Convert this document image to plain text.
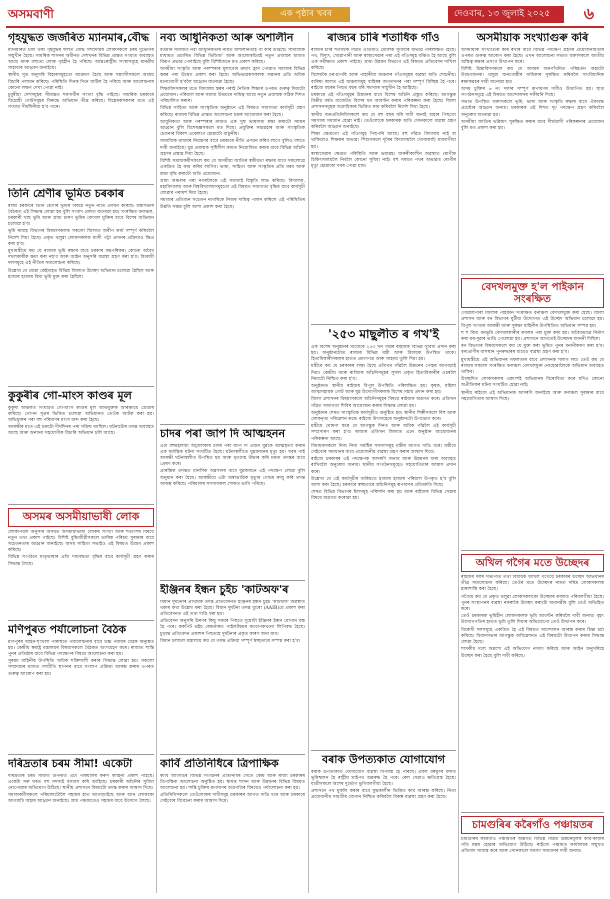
অসমবাণী	এক পৃষ্ঠাৰ খবৰ	দেওবাৰ, ১৩ জুলাই ২০২৫	৬
গৃহযুদ্ধত জৰ্জৰিত ম্যানমাৰ,বৌদ্ধ

ম্যানমাৰত চলি থকা গৃহযুদ্ধৰ ফলত বৌদ্ধ সম্প্ৰদায়ৰ লোকসকলে চৰম দুৰ্ভোগৰ সন্মুখীন হৈছে। সামৰিক শাসনৰ অধীনত দেশখনৰ বিভিন্ন প্ৰান্তত সংঘাত অব্যাহত আছে আৰু বহুতো লোক গৃহহীন হৈ পৰিছে। আন্তঃৰাষ্ট্ৰীয় সংস্থাসমূহে মানৱীয় সাহায্যৰ আহ্বান জনাইছে।

স্থানীয় সূত্ৰ অনুসৰি বিহাৰসমূহতো আক্ৰমণ হৈছে আৰু সন্ন্যাসীসকলে আশ্ৰয় বিচাৰি পলায়ন কৰিছে। পৰিস্থিতি দিনক দিনে জটিল হৈ পৰিছে আৰু আলোচনাৰ কোনো লক্ষণ দেখা পোৱা নাই।

চুবুৰীয়া দেশসমূহৰ সীমান্তত শৰণাৰ্থীৰ সংখ্যা বৃদ্ধি পাইছে। সামৰিক চৰকাৰে বিদ্ৰোহী গোটসমূহৰ বিৰুদ্ধে অভিযান তীব্ৰ কৰিছে। বিশ্লেষকসকলৰ মতে এই সংঘাত দীৰ্ঘদিনীয়া হ'ব পাৰে।

তিনি শ্ৰেণীৰ ভূমিত চৰকাৰ

ৰাজ্য চৰকাৰে তিনি শ্ৰেণীৰ ভূমিৰ বিষয়ে নতুন নীতি প্ৰণয়ন কৰিছে। মন্ত্ৰীসভাৰ বৈঠকত এই সিদ্ধান্ত লোৱা হয় বুলি সংবাদ মেলত জনোৱা হয়। সংৰক্ষিত বনাঞ্চল, চৰকাৰী খাছ ভূমি আৰু গ্ৰাম্য চাৰণ ভূমিৰ বেদখল মুক্তিৰ বাবে বিশেষ অভিযান চলোৱা হ'ব।

ভূমি ৰাজহ বিভাগৰ বিষয়াসকলক সকলো জিলাত জৰীপ কাৰ্য সম্পূৰ্ণ কৰিবলৈ নিৰ্দেশ দিয়া হৈছে। প্ৰকৃত থলুৱা লোকসকলক ম্যাদী পট্টা প্ৰদানৰ প্ৰক্ৰিয়াও ক্ষিপ্ৰ কৰা হ'ব।

মুখ্যমন্ত্ৰীয়ে কয় যে ৰাজ্যৰ ভূমি ৰক্ষাৰ বাবে চৰকাৰ বদ্ধপৰিকৰ। কোনো অবৈধ দখলকাৰীক ক্ষমা কৰা নহ'ব আৰু আইন অনুসৰি ব্যৱস্থা গ্ৰহণ কৰা হ'ব। বিৰোধী দলসমূহে এই নীতিৰ সমালোচনা কৰিছে।

উল্লেখ্য যে যোৱা কেইমাহত বিভিন্ন জিলাত উচ্ছেদ অভিযান চলোৱা হৈছিল আৰু হাজাৰ হাজাৰ বিঘা ভূমি মুক্ত কৰা হৈছিল।

কুকুৰীৰ গো-মাংস কাণ্ডৰ মূল

কুকুৰী অঞ্চলত সংঘটিত গো-মাংস কাণ্ডৰ মূল অভিযুক্তক আৰক্ষীয়ে গ্ৰেপ্তাৰ কৰিছে। গোপন সূত্ৰৰ ভিত্তিত চলোৱা অভিযানত তেওঁক আটক কৰা হয়। অভিযুক্তৰ পৰা বহু পৰিমাণৰ মাংস জব্দ কৰা হৈছে।

আৰক্ষীৰ মতে এই চক্ৰটো দীৰ্ঘদিনৰ পৰা সক্ৰিয় আছিল। ঘটনাটোৰ তদন্ত অব্যাহত আছে আৰু অন্যান্য সহযোগীক বিচাৰি অভিযান চলি আছে।

অসমৰ অসমীয়াভাষী লোক

লোকপিয়ল অনুসৰি অসমত অসমীয়াভাষী লোকৰ সংখ্যা আৰু শতাংশৰ বিষয়ে নতুন তথ্য প্ৰকাশ পাইছে। বিশিষ্ট বুদ্ধিজীৱীসকলে ভাষিক পৰিচয় সুৰক্ষাৰ বাবে সচেতনতাৰ আহ্বান জনাইছে। অসম সাহিত্য সভাইও এই বিষয়ত উদ্বেগ প্ৰকাশ কৰিছে।

বিভিন্ন সংগঠনে মাতৃভাষাৰ প্ৰতি দায়বদ্ধতা বৃদ্ধিৰ বাবে কাৰ্যসূচী গ্ৰহণ কৰাৰ সিদ্ধান্ত লৈছে।

মণিপুৰত পৰ্যালোচনা বৈঠক

মণিপুৰৰ আইন-শৃংখলা পৰিস্থিতি পৰ্যালোচনাৰ বাবে উচ্চ পৰ্যায়ৰ বৈঠক অনুষ্ঠিত হয়। কেন্দ্ৰীয় স্বৰাষ্ট্ৰ মন্ত্ৰালয়ৰ বিষয়াসকলে বৈঠকত অংশগ্ৰহণ কৰে। ৰাজ্যত শান্তি পুনৰ প্ৰতিষ্ঠাৰ বাবে বিভিন্ন পদক্ষেপৰ বিষয়ে আলোচনা কৰা হয়।

সুৰক্ষা বাহিনীৰ উপস্থিতি অধিক শক্তিশালী কৰাৰ সিদ্ধান্ত লোৱা হয়। সকলো সম্প্ৰদায়ৰ মাজত সম্প্ৰীতি স্থাপনৰ বাবে সংলাপ প্ৰক্ৰিয়া আৰম্ভ কৰাৰ ওপৰত গুৰুত্ব আৰোপ কৰা হয়।

দৰিদ্ৰতাৰ চৰম সীমা! একেটা

দৰিদ্ৰতাৰ চৰম সীমাত উপনীত এটা পৰিয়ালৰ কৰুণ কাহিনী প্ৰকাশ পাইছে। একেটা সৰু ঘৰত বহু সদস্যই বসবাস কৰি আহিছে। চৰকাৰী আঁচনিৰ সুবিধা নোপোৱাৰ অভিযোগ উঠিছে। স্থানীয় প্ৰশাসনে বিষয়টো তদন্ত কৰাৰ আশ্বাস দিছে।

সমাজকৰ্মীসকলে পৰিয়ালটোলৈ সহায়ৰ হাত আগবঢ়াইছে আৰু আন লোককো আগবাঢ়ি অহাৰ আহ্বান জনাইছে। গ্ৰাম পঞ্চায়তেও সহায়ৰ বাবে উদ্যোগ লৈছে।

নব্য আধুনিকতা আৰু অশালীন

বৰ্তমান সমাজত নব্য আধুনিকতাৰ নামত অশালীনতাই গা কৰি উঠিছে। সামাজিক মাধ্যমত প্ৰচাৰিত বিভিন্ন ভিডিঅ' আৰু আলোকচিত্ৰই নতুন প্ৰজন্মৰ মাজত বিৰূপ প্ৰভাৱ পেলাইছে বুলি বিশিষ্টজনে মত প্ৰকাশ কৰিছে।

অসমীয়া সংস্কৃতি আৰু পৰম্পৰাৰ মূল্যবোধ ক্ৰমাৎ হ্ৰাস পোৱাত সমাজৰ বিভিন্ন স্তৰৰ পৰা উদ্বেগ প্ৰকাশ কৰা হৈছে। অভিভাৱকসকলক সন্তানৰ প্ৰতি অধিক মনোযোগী হ'বলৈ আহ্বান জনোৱা হৈছে।

শিক্ষাবিদসকলৰ মতে বিদ্যালয় স্তৰৰ পৰাই নৈতিক শিক্ষাৰ ওপৰত গুৰুত্ব দিয়াটো প্ৰয়োজন। পৰিয়াল আৰু সমাজ উভয়ৰে দায়িত্ব আছে নতুন প্ৰজন্মক সঠিক দিশত পৰিচালিত কৰাৰ।

বিভিন্ন সাহিত্য আৰু সাংস্কৃতিক অনুষ্ঠানে এই বিষয়ত সজাগতা কাৰ্যসূচী গ্ৰহণ কৰিছে। ৰাজ্যৰ বিভিন্ন প্ৰান্তত আলোচনা চক্ৰৰ আয়োজন কৰা হৈছে।

আধুনিকতা আৰু পৰম্পৰাৰ মাজত এক সুস্থ ভাৰসাম্য ৰক্ষা কৰাটো সময়ৰ আহ্বান বুলি বিশেষজ্ঞসকলে মত দিছে। প্ৰযুক্তিৰ সদ্ব্যৱহাৰ আৰু সাংস্কৃতিক চেতনাৰ বিকাশ একেলগে হোৱাটো বাঞ্ছনীয়।

সামাজিক মাধ্যমৰ নিয়ন্ত্ৰণৰ বাবে চৰকাৰে নীতি প্ৰণয়ন কৰিব লাগে বুলিও বহুতে দাবী জনাইছে। যুৱ প্ৰজন্মক সৃষ্টিশীল কামত নিয়োজিত কৰাৰ বাবে বিভিন্ন আঁচনি গ্ৰহণৰ প্ৰস্তাৱ দিয়া হৈছে।

বিশিষ্ট সমাজকৰ্মীসকলে কয় যে অসমীয়া জাতিৰ স্বকীয়তা ৰক্ষাৰ বাবে সকলোৱে একত্ৰিত হৈ কাম কৰিব লাগিব। ভাষা, সাহিত্য আৰু সংস্কৃতিৰ প্ৰতি মৰম আৰু শ্ৰদ্ধা বৃদ্ধি কৰাটো অতি প্ৰয়োজন।

গ্ৰাম্য অঞ্চলৰ পৰা নগৰলৈকে এই সমস্যাই বিস্তৃতি লাভ কৰিছে। বিদ্যালয়, মহাবিদ্যালয় আৰু বিশ্ববিদ্যালয়সমূহতো এই বিষয়ত সজাগতা বৃদ্ধিৰ বাবে কাৰ্যসূচী লোৱাৰ পৰামৰ্শ দিয়া হৈছে।

সমাজৰ প্ৰতিজন সচেতন নাগৰিকে নিজৰ দায়িত্ব পালন কৰিলে এই পৰিস্থিতিৰ উন্নতি সম্ভৱ বুলি আশা প্ৰকাশ কৰা হৈছে।

চাদৰ পৰা জাপ দি আত্মহনন

এটা বহুমহলীয়া অট্টালিকাৰ চাদৰ পৰা জাপ দি এজন যুৱকে আত্মহত্যা কৰাৰ এক মৰ্মান্তিক ঘটনা সংঘটিত হৈছে। ঘটনাস্থলীতে যুৱকজনৰ মৃত্যু হয়। খবৰ পাই আৰক্ষী ঘটনাস্থলীত উপস্থিত হয় আৰু মৃতদেহ উদ্ধাৰ কৰি ময়না তদন্তৰ বাবে প্ৰেৰণ কৰে।

প্ৰাৰম্ভিক তদন্তত মানসিক অৱসাদৰ বাবে যুৱকজনে এই পদক্ষেপ লোৱা বুলি অনুমান কৰা হৈছে। আৰক্ষীয়ে এটা অস্বাভাৱিক মৃত্যুৰ গোচৰ ৰুজু কৰি তদন্ত আৰম্ভ কৰিছে। পৰিয়ালৰ সদস্যসকল শোকত ভাগি পৰিছে।

ইঞ্জিনৰ ইন্ধন চুইচ 'কাটঅফ'ৰ

বিমান দুৰ্ঘটনাৰ প্ৰাথমিক তদন্ত প্ৰতিবেদনত ইঞ্জিনৰ ইন্ধন চুইচ 'কাটঅফ' অৱস্থাত থকাৰ কথা উল্লেখ কৰা হৈছে। বিমান দুৰ্ঘটনা তদন্ত ব্যুৰো (AAIB)য়ে প্ৰকাশ কৰা প্ৰতিবেদনত এই তথ্য দাঙি ধৰা হয়।

প্ৰতিবেদন অনুসৰি উৰণৰ কিছু সময়ৰ পিছতে দুয়োটা ইঞ্জিনৰ ইন্ধন যোগান বন্ধ হৈ পৰে। ককপিট ভইচ ৰেকৰ্ডাৰত পাইলটদ্বয়ৰ কথোপকথনো লিপিবদ্ধ হৈছে। চুড়ান্ত প্ৰতিবেদন প্ৰকাশৰ পিছতহে দুৰ্ঘটনাৰ প্ৰকৃত কাৰণ জনা যাব।

বিমান চলাচল মন্ত্ৰালয়ে কয় যে তদন্ত প্ৰক্ৰিয়া সম্পূৰ্ণ স্বচ্ছতাৰে সম্পন্ন কৰা হ'ব।

কাৰ্বি প্ৰতিনিধিৰে ত্ৰিপাক্ষিক

কাৰ্বি আংলঙৰ বিভিন্ন সংগঠনৰ প্ৰতিনিধিৰ সৈতে কেন্দ্ৰ আৰু ৰাজ্য চৰকাৰৰ ত্ৰিপাক্ষিক আলোচনা অনুষ্ঠিত হয়। স্বায়ত্ত শাসন আৰু উন্নয়নৰ বিভিন্ন বিষয়ত আলোচনা হয়। শান্তি চুক্তিৰ ৰূপায়ণৰ অগ্ৰগতিৰ বিষয়েও পৰ্যালোচনা কৰা হয়।

প্ৰতিনিধিসকলে তেওঁলোকৰ দাবীসমূহ চৰকাৰৰ আগত দাঙি ধৰে আৰু চৰকাৰে সেইবোৰ বিবেচনা কৰাৰ আশ্বাস দিয়ে।

ৰাজ্যৰ চাৰি শতাধিক গাঁও

ৰাজ্যৰ চাৰি শতাধিক গাঁৱত এতিয়াও মৌলিক সুবিধাৰ অভাৱ পৰিলক্ষিত হৈছে। পথ, বিদ্যুৎ, খোৱাপানী আৰু স্বাস্থ্যসেৱাৰ পৰা এই গাঁওসমূহ বঞ্চিত হৈ আছে বুলি এক সমীক্ষাত প্ৰকাশ পাইছে। গ্ৰাম্য উন্নয়ন বিভাগে এই বিষয়ত প্ৰতিবেদন দাখিল কৰিছে।

বিশেষকৈ চৰ-চাপৰি আৰু পাহাৰীয়া অঞ্চলৰ গাঁওসমূহৰ অৱস্থা অতি শোচনীয়। বাৰিষা কালত এই অঞ্চলসমূহ বাহিৰৰ জগতখনৰ পৰা সম্পূৰ্ণ বিচ্ছিন্ন হৈ পৰে। ৰাইজে বছৰৰ পিছত বছৰ ধৰি সমস্যাৰ সন্মুখীন হৈ আহিছে।

চৰকাৰে এই গাঁওসমূহৰ উন্নয়নৰ বাবে বিশেষ আঁচনি প্ৰস্তুত কৰিছে। আগন্তুক বিত্তীয় বৰ্ষত বাজেটত বিশেষ ধন আবণ্টন কৰাৰ পৰিকল্পনা কৰা হৈছে। জিলা প্ৰশাসনসমূহক অগ্ৰাধিকাৰ ভিত্তিত কাম কৰিবলৈ নিৰ্দেশ দিয়া হৈছে।

স্থানীয় জনপ্ৰতিনিধিসকলে কয় যে বহু বছৰ ধৰি দাবী জনাই অহাৰ পিছতো সমস্যাৰ সমাধান হোৱা নাই। তেওঁলোকে চৰকাৰক অতি সোনকালে ব্যৱস্থা গ্ৰহণ কৰিবলৈ আহ্বান জনাইছে।

শিক্ষা ক্ষেত্ৰতো এই গাঁওসমূহ পিছপৰি আছে। বহু গাঁৱত বিদ্যালয় নাই বা থাকিলেও শিক্ষকৰ অভাৱ। শিশুসকলে দূৰৈৰ বিদ্যালয়লৈ খোজকাঢ়ি যাবলগীয়া হয়।

স্বাস্থ্যসেৱাৰ ক্ষেত্ৰত পৰিস্থিতি আৰু ভয়াৱহ। জৰুৰীকালীন অৱস্থাত ৰোগীক চিকিৎসালয়লৈ নিবলৈ কোনো সুবিধা নাই। বহু সময়ত পথৰ অভাৱত ৰোগীৰ মৃত্যু হোৱাৰো খবৰ পোৱা যায়।

'২৫৩ মাছুলীত ৰ গখ'ই

এক বিশেষ অনুষ্ঠানৰ মাজেৰে ২৫৩ খন গাঁৱৰ ৰাইজক বিভিন্ন সুবিধা প্ৰদান কৰা হয়। অনুষ্ঠানটোত ৰাজ্যৰ বিভিন্ন মন্ত্ৰী আৰু বিধায়ক উপস্থিত থাকে। হিতাধিকাৰীসকলৰ হাতত প্ৰমাণপত্ৰ আৰু সাহায্য তুলি দিয়া হয়।

মন্ত্ৰীয়ে কয় যে চৰকাৰৰ লক্ষ্য হৈছে প্ৰতিখন গাঁৱলৈ উন্নয়নৰ পোহৰ আগবঢ়াই দিয়া। কেন্দ্ৰীয় আৰু ৰাজ্যিক আঁচনিসমূহৰ সুফল প্ৰকৃত হিতাধিকাৰীৰ ওচৰলৈ নিয়াটো নিশ্চিত কৰা হ'ব।

অনুষ্ঠানত স্থানীয় ৰাইজৰ বিপুল উপস্থিতি পৰিলক্ষিত হয়। কৃষক, মহিলা আত্মসহায়ক গোট আৰু যুৱ উদ্যোগীসকলক বিশেষ সহায় প্ৰদান কৰা হয়।

জিলা প্ৰশাসনৰ বিষয়াসকলে আঁচনিসমূহৰ বিষয়ে ৰাইজক অৱগত কৰে। প্ৰতিখন গাঁৱত সজাগতা শিবিৰ আয়োজন কৰাৰ সিদ্ধান্ত লোৱা হয়।

অনুষ্ঠানৰ শেষত সাংস্কৃতিক কাৰ্যসূচীও অনুষ্ঠিত হয়। স্থানীয় শিল্পীসকলে বিহু আৰু লোকনৃত্য পৰিৱেশন কৰে। ৰাইজে উৎসাহেৰে অনুষ্ঠানটো উপভোগ কৰে।

মন্ত্ৰীয়ে ঘোষণা কৰে যে আগন্তুক দিনত আৰু অধিক গাঁৱলৈ এই কাৰ্যসূচী সম্প্ৰসাৰণ কৰা হ'ব। ৰাজ্যৰ প্ৰতিখন জিলাত এনে অনুষ্ঠান আয়োজনৰ পৰিকল্পনা আছে।

বিধায়কসকলে নিজ নিজ সমষ্টিৰ সমস্যাসমূহ মন্ত্ৰীৰ আগত দাঙি ধৰে। মন্ত্ৰীয়ে সেইবোৰ সমাধানৰ বাবে প্ৰয়োজনীয় ব্যৱস্থা গ্ৰহণ কৰাৰ আশ্বাস দিয়ে।

ৰাইজে চৰকাৰৰ এই পদক্ষেপক আদৰণি জনায় আৰু উন্নয়নৰ ধাৰা অব্যাহত ৰাখিবলৈ অনুৰোধ জনায়। স্থানীয় সংগঠনসমূহেও সহযোগিতাৰ আশ্বাস প্ৰদান কৰে।

উল্লেখ্য যে এই কাৰ্যসূচীৰ জৰিয়তে হাজাৰ হাজাৰ পৰিয়াল উপকৃত হ'ব বুলি আশা কৰা হৈছে। চৰকাৰে স্বচ্ছতাৰে আঁচনিসমূহ ৰূপায়ণৰ প্ৰতিশ্ৰুতি দিছে।

শেষত বিভিন্ন বিভাগৰ ষ্টলসমূহ পৰিদৰ্শন কৰা হয় আৰু ৰাইজক বিভিন্ন সেৱাৰ বিষয়ে অৱগত কৰোৱা হয়।

বৰাক উপত্যকাত যোগাযোগ

বৰাক উপত্যকাত যোগাযোগ ব্যৱস্থা বিপৰ্যস্ত হৈ পৰিছে। প্ৰবল বৰষুণৰ ফলত ভূমিস্খলন হৈ ৰাষ্ট্ৰীয় ঘাইপথ অৱৰুদ্ধ হৈ পৰে। ৰেল সেৱাও ক্ষতিগ্ৰস্ত হৈছে। যাত্ৰীসকলে অশেষ দুৰ্ভোগ ভুগিবলগীয়া হৈছে।

প্ৰশাসনে পথ মুকলি কৰাৰ বাবে যুদ্ধকালীন ভিত্তিত কাম আৰম্ভ কৰিছে। নিত্য প্ৰয়োজনীয় সামগ্ৰীৰ যোগান নিশ্চিত কৰিবলৈ বিকল্প ব্যৱস্থা গ্ৰহণ কৰা হৈছে।

অসমীয়াক সংখ্যাগুৰু কৰি

অসমীয়াক সংখ্যাগুৰু কৰি ৰখাৰ বাবে বিভিন্ন পদক্ষেপ গ্ৰহণৰ প্ৰয়োজনীয়তাৰ ওপৰত গুৰুত্ব আৰোপ কৰা হৈছে। এখন আলোচনা সভাত বক্তাসকলে জাতীয় অস্তিত্ব ৰক্ষাৰ প্ৰসংগ উত্থাপন কৰে।

বিশিষ্ট চিন্তাবিদসকলে কয় যে অসমৰ জনগাঁথনিত পৰিৱৰ্তন অহাটো উদ্বেগজনক। থলুৱা জনগোষ্ঠীৰ অধিকাৰ সুৰক্ষিত কৰিবলৈ সাংবিধানিক ৰক্ষাকৱচৰ দাবী জনোৱা হয়।

অসম চুক্তিৰ ৬ নং দফাৰ সম্পূৰ্ণ ৰূপায়ণৰ দাবীও উত্থাপিত হয়। ছাত্ৰ সংগঠনসমূহে এই বিষয়ত আন্দোলনৰ সকীয়নি দিছে।

সভাত উপস্থিত বক্তাসকলে ভূমি, ভাষা আৰু সংস্কৃতি ৰক্ষাৰ বাবে ঐক্যবদ্ধ প্ৰচেষ্টাৰ আহ্বান জনায়। চৰকাৰক এই দিশত দৃঢ় পদক্ষেপ গ্ৰহণ কৰিবলৈ অনুৰোধ জনোৱা হয়।

অসমীয়া জাতিৰ ভৱিষ্যৎ সুৰক্ষিত কৰাৰ বাবে দীৰ্ঘম্যাদী পৰিকল্পনাৰ প্ৰয়োজন বুলি মত প্ৰকাশ কৰা হয়।

বেদখলমুক্ত হ'ল পাইকান সংৰক্ষিত

গোৱালপাৰা জিলাৰ পাইকান সংৰক্ষিত বনাঞ্চল বেদখলমুক্ত কৰা হৈছে। জিলা প্ৰশাসন আৰু বন বিভাগৰ যুটীয়া উদ্যোগত এই উচ্ছেদ অভিযান চলোৱা হয়। বিপুল সংখ্যক আৰক্ষী আৰু সুৰক্ষা বাহিনীৰ উপস্থিতিত অভিযান সম্পন্ন হয়।

শ শ বিঘা বনভূমি বেদখলকাৰীৰ কবলৰ পৰা মুক্ত কৰা হয়। অবৈধভাৱে নিৰ্মাণ কৰা ঘৰ-দুৱাৰ ভাঙি পেলোৱা হয়। প্ৰশাসনে আগতেই উচ্ছেদৰ জাননী দিছিল।

বন বিভাগৰ বিষয়াসকলে কয় যে মুক্ত কৰা ভূমিত পুনৰ বনানীকৰণ কৰা হ'ব। বন্যপ্ৰাণীৰ বাসস্থান পুনৰুদ্ধাৰৰ বাবেও ব্যৱস্থা গ্ৰহণ কৰা হ'ব।

মুখ্যমন্ত্ৰীয়ে এই অভিযানৰ সফলতাৰ বাবে প্ৰশাসনক শলাগ লয়। তেওঁ কয় যে ৰাজ্যৰ সকলো সংৰক্ষিত বনাঞ্চল বেদখলমুক্ত নোহোৱালৈকে অভিযান অব্যাহত থাকিব।

উচ্ছেদিত লোকসকলৰ একাংশই অভিযানৰ বিৰোধিতা কৰে যদিও কোনো অপ্ৰীতিকৰ ঘটনা সংঘটিত হোৱা নাই।

স্থানীয় ৰাইজে এই অভিযানক আদৰণি জনাইছে আৰু বনাঞ্চল সুৰক্ষাৰ বাবে সহযোগিতাৰ আশ্বাস দিছে।

অখিল গগৈৰ মতে উচ্ছেদৰ

ৰাইজৰ দলৰ সভাপতি তথা বিধায়ক অখিল গগৈয়ে চৰকাৰৰ উচ্ছেদ অভিযানৰ তীব্ৰ সমালোচনা কৰিছে। তেওঁৰ মতে উচ্ছেদৰ নামত দৰিদ্ৰ লোকসকলক হাৰাশাস্তি কৰা হৈছে।

গগৈয়ে কয় যে প্ৰকৃত থলুৱা লোকসকলকো উচ্ছেদৰ কবলত পৰিবলগীয়া হৈছে। পুনৰ সংস্থাপনৰ ব্যৱস্থা নকৰাকৈ উচ্ছেদ কৰাটো অমানৱীয় বুলি তেওঁ অভিহিত কৰে।

তেওঁ চৰকাৰক ভূমিহীন লোকসকলক ভূমি আবণ্টন কৰিবলৈ দাবী জনায়। বৃহৎ উদ্যোগপতিৰ হাতত ভূমি তুলি দিয়াৰ অভিযোগো তেওঁ উত্থাপন কৰে।

বিৰোধী দলসমূহে একত্ৰিত হৈ এই বিষয়ত আন্দোলন আৰম্ভ কৰাৰ চিন্তা চৰ্চা কৰিছে। বিধানসভাৰ আগন্তুক অধিৱেশনত এই বিষয়টো উত্থাপন কৰাৰ সিদ্ধান্ত লোৱা হৈছে।

শাসকীয় দলে অৱশ্যে এই অভিযোগ নস্যাৎ কৰিছে আৰু আইন অনুসৰিহে উচ্ছেদ কৰা হৈছে বুলি দাবী কৰিছে।

চামগুৰিৰ কৰৈগাঁও পঞ্চায়তৰ

চামগুৰিৰ কৰৈগাঁও পঞ্চায়তৰ অন্তৰ্গত বিভিন্ন গাঁৱত উন্নয়নমূলক কাম-কাজৰ গতি মন্থৰ হোৱাৰ অভিযোগ উঠিছে। ৰাইজে পঞ্চায়ত কাৰ্যালয়ৰ সন্মুখত প্ৰতিবাদ সাব্যস্ত কৰে আৰু সোনকালে সমস্যা সমাধানৰ দাবী জনায়।
